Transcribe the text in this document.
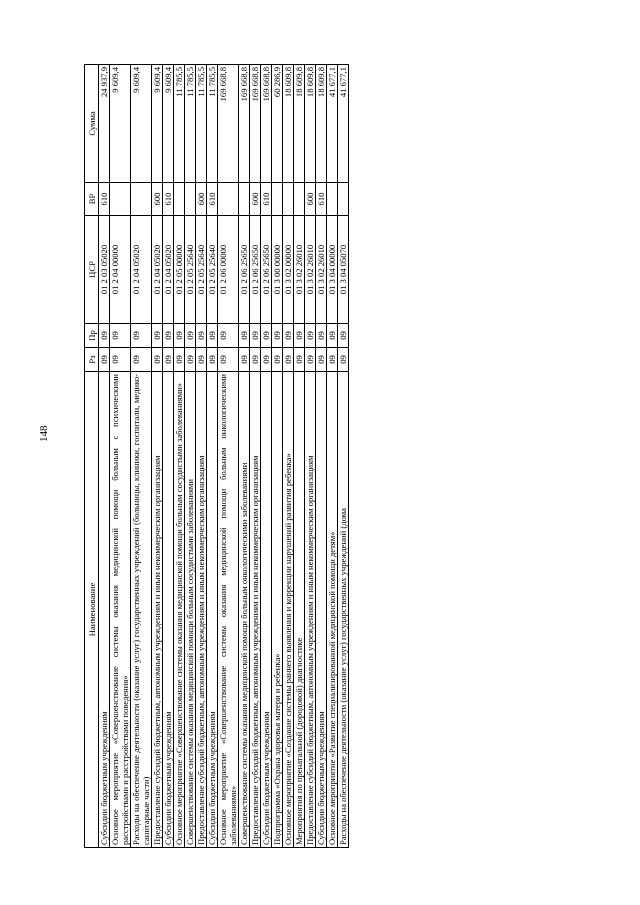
148
Наименование	Рз	Пр	ЦСР	ВР	Сумма
Субсидии бюджетным учреждениям	09	09	01 2 03 05020	610	24 937,9
Основное мероприятие «Совершенствование системы оказания медицинской помощи больным с психическими расстройствами и расстройствами поведения»	09	09	01 2 04 00000		9 609,4
Расходы на обеспечение деятельности (оказание услуг) государственных учреждений (больницы, клиники, госпитали, медико-санитарные части)	09	09	01 2 04 05020		9 609,4
Предоставление субсидий бюджетным, автономным учреждениям и иным некоммерческим организациям	09	09	01 2 04 05020	600	9 609,4
Субсидии бюджетным учреждениям	09	09	01 2 04 05020	610	9 609,4
Основное мероприятие «Совершенствование системы оказания медицинской помощи больным сосудистыми заболеваниями»	09	09	01 2 05 00000		11 785,5
Совершенствование системы оказания медицинской помощи больным сосудистыми заболеваниями	09	09	01 2 05 25640		11 785,5
Предоставление субсидий бюджетным, автономным учреждениям и иным некоммерческим организациям	09	09	01 2 05 25640	600	11 785,5
Субсидии бюджетным учреждениям	09	09	01 2 05 25640	610	11 785,5
Основное мероприятие «Совершенствование системы оказания медицинской помощи больным онкологическими заболеваниями»	09	09	01 2 06 00000		169 668,8
Совершенствование системы оказания медицинской помощи больным онкологическими заболеваниями	09	09	01 2 06 25650		169 668,8
Предоставление субсидий бюджетным, автономным учреждениям и иным некоммерческим организациям	09	09	01 2 06 25650	600	169 668,8
Субсидии бюджетным учреждениям	09	09	01 2 06 25650	610	169 668,8
Подпрограмма «Охрана здоровья матери и ребенка»	09	09	01 3 00 00000		60 286,9
Основное мероприятие «Создание системы раннего выявления и коррекции нарушений развития ребенка»	09	09	01 3 02 00000		18 609,8
Мероприятия по пренатальной (дородовой) диагностике	09	09	01 3 02 26010		18 609,8
Предоставление субсидий бюджетным, автономным учреждениям и иным некоммерческим организациям	09	09	01 3 02 26010	600	18 609,8
Субсидии бюджетным учреждениям	09	09	01 3 02 26010	610	18 609,8
Основное мероприятие «Развитие специализированной медицинской помощи детям»	09	09	01 3 04 00000		41 677,1
Расходы на обеспечение деятельности (оказание услуг) государственных учреждений (дома	09	09	01 3 04 05070		41 677,1
